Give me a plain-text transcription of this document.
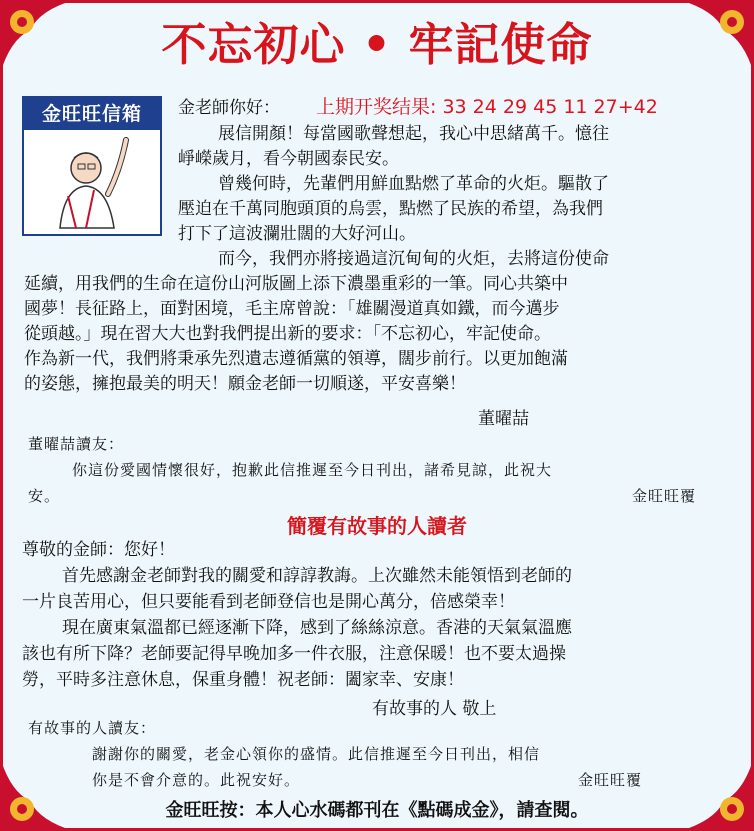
不忘初心 • 牢記使命
金旺旺信箱	金老師你好： 上期开奖结果: 33 24 29 45 11 27+42
展信開顏！每當國歌聲想起，我心中思緒萬千。憶往
崢嶸歲月，看今朝國泰民安。
曾幾何時，先輩們用鮮血點燃了革命的火炬。驅散了
壓迫在千萬同胞頭頂的烏雲，點燃了民族的希望，為我們
打下了這波瀾壯闊的大好河山。
而今，我們亦將接過這沉甸甸的火炬，去將這份使命
延續，用我們的生命在這份山河版圖上添下濃墨重彩的一筆。同心共築中
國夢！長征路上，面對困境，毛主席曾說：「雄關漫道真如鐵，而今邁步
從頭越。」現在習大大也對我們提出新的要求：「不忘初心，牢記使命。
作為新一代，我們將秉承先烈遺志遵循黨的領導，闊步前行。以更加飽滿
的姿態，擁抱最美的明天！願金老師一切順遂，平安喜樂！
董曜喆
董曜喆讀友：
你這份愛國情懷很好，抱歉此信推遲至今日刊出，諸希見諒，此祝大
安。	金旺旺覆
簡覆有故事的人讀者
尊敬的金師：您好！
首先感謝金老師對我的關愛和諄諄教誨。上次雖然未能領悟到老師的
一片良苦用心，但只要能看到老師登信也是開心萬分，倍感榮幸！
現在廣東氣溫都已經逐漸下降，感到了絲絲涼意。香港的天氣氣溫應
該也有所下降？老師要記得早晚加多一件衣服，注意保暖！也不要太過操
勞，平時多注意休息，保重身體！祝老師：闔家幸、安康！
有故事的人 敬上
有故事的人讀友：
謝謝你的關愛，老金心領你的盛情。此信推遲至今日刊出，相信
你是不會介意的。此祝安好。	金旺旺覆
金旺旺按：本人心水碼都刊在《點碼成金》，請查閱。
